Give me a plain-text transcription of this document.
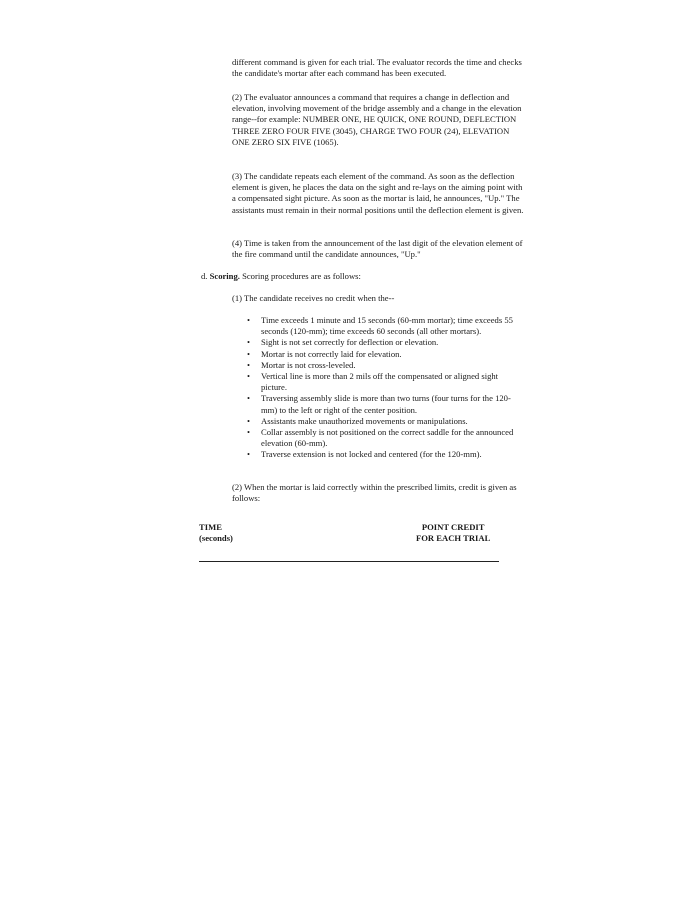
different command is given for each trial. The evaluator records the time and checks the candidate's mortar after each command has been executed.

(2) The evaluator announces a command that requires a change in deflection and elevation, involving movement of the bridge assembly and a change in the elevation range--for example: NUMBER ONE, HE QUICK, ONE ROUND, DEFLECTION THREE ZERO FOUR FIVE (3045), CHARGE TWO FOUR (24), ELEVATION ONE ZERO SIX FIVE (1065).

(3) The candidate repeats each element of the command. As soon as the deflection element is given, he places the data on the sight and re-lays on the aiming point with a compensated sight picture. As soon as the mortar is laid, he announces, "Up." The assistants must remain in their normal positions until the deflection element is given.

(4) Time is taken from the announcement of the last digit of the elevation element of the fire command until the candidate announces, "Up."

d. Scoring. Scoring procedures are as follows:

(1) The candidate receives no credit when the--

• Time exceeds 1 minute and 15 seconds (60-mm mortar); time exceeds 55 seconds (120-mm); time exceeds 60 seconds (all other mortars).
• Sight is not set correctly for deflection or elevation.
• Mortar is not correctly laid for elevation.
• Mortar is not cross-leveled.
• Vertical line is more than 2 mils off the compensated or aligned sight picture.
• Traversing assembly slide is more than two turns (four turns for the 120-mm) to the left or right of the center position.
• Assistants make unauthorized movements or manipulations.
• Collar assembly is not positioned on the correct saddle for the announced elevation (60-mm).
• Traverse extension is not locked and centered (for the 120-mm).

(2) When the mortar is laid correctly within the prescribed limits, credit is given as follows:

TIME
(seconds)
POINT CREDIT
FOR EACH TRIAL
